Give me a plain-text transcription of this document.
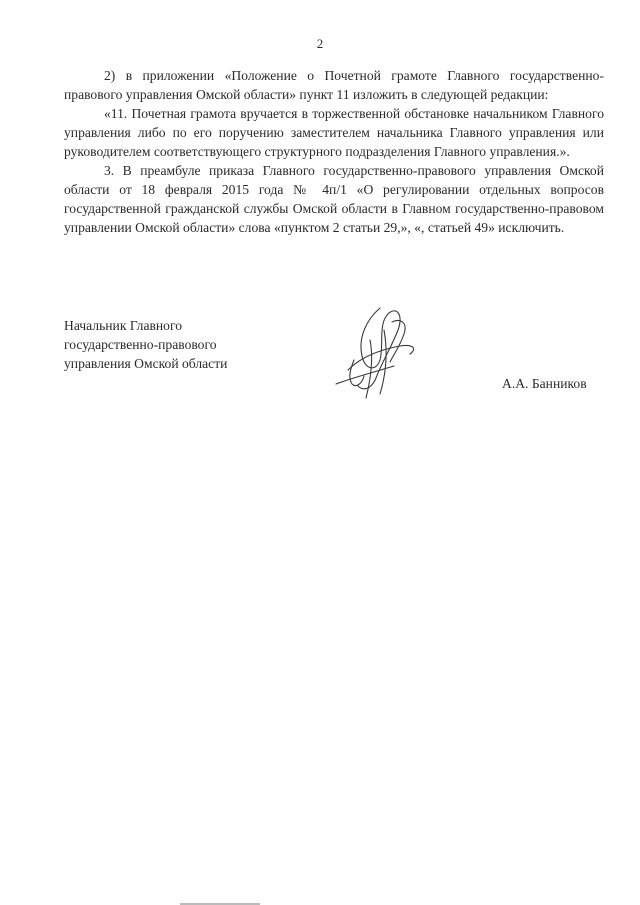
2

2) в приложении «Положение о Почетной грамоте Главного государственно-правового управления Омской области» пункт 11 изложить в следующей редакции:

«11. Почетная грамота вручается в торжественной обстановке начальником Главного управления либо по его поручению заместителем начальника Главного управления или руководителем соответствующего структурного подразделения Главного управления.».

3. В преамбуле приказа Главного государственно-правового управления Омской области от 18 февраля 2015 года № 4п/1 «О регулировании отдельных вопросов государственной гражданской службы Омской области в Главном государственно-правовом управлении Омской области» слова «пунктом 2 статьи 29,», «, статьей 49» исключить.

Начальник Главного
государственно-правового
управления Омской области
А.А. Банников
